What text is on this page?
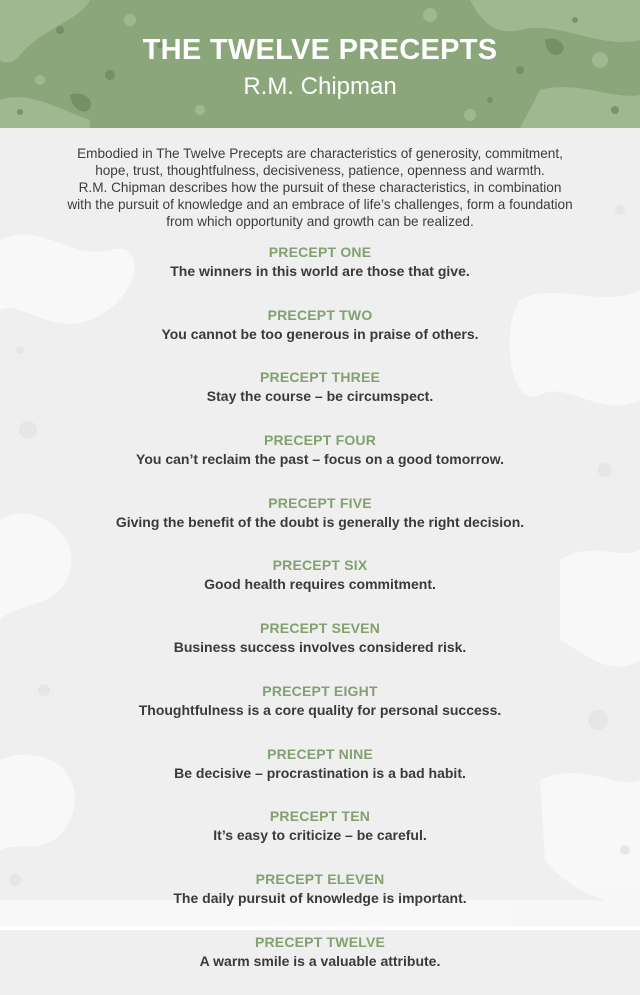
THE TWELVE PRECEPTS
R.M. Chipman

Embodied in The Twelve Precepts are characteristics of generosity, commitment,

hope, trust, thoughtfulness, decisiveness, patience, openness and warmth.

R.M. Chipman describes how the pursuit of these characteristics, in combination

with the pursuit of knowledge and an embrace of life’s challenges, form a foundation

from which opportunity and growth can be realized.

PRECEPT ONE
The winners in this world are those that give.
PRECEPT TWO
You cannot be too generous in praise of others.
PRECEPT THREE
Stay the course – be circumspect.
PRECEPT FOUR
You can’t reclaim the past – focus on a good tomorrow.
PRECEPT FIVE
Giving the benefit of the doubt is generally the right decision.
PRECEPT SIX
Good health requires commitment.
PRECEPT SEVEN
Business success involves considered risk.
PRECEPT EIGHT
Thoughtfulness is a core quality for personal success.
PRECEPT NINE
Be decisive – procrastination is a bad habit.
PRECEPT TEN
It’s easy to criticize – be careful.
PRECEPT ELEVEN
The daily pursuit of knowledge is important.
PRECEPT TWELVE
A warm smile is a valuable attribute.
